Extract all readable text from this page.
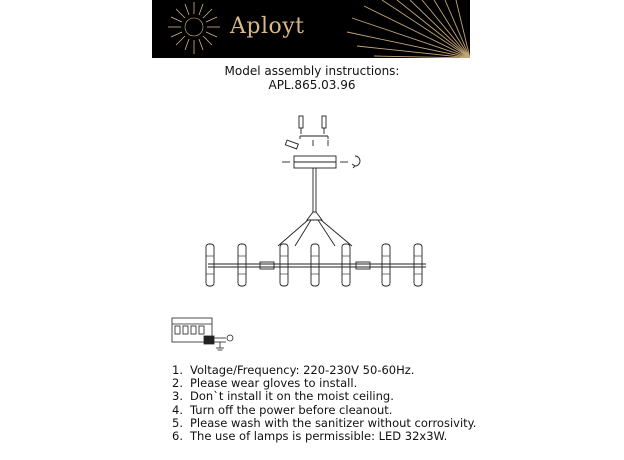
Aployt
Model assembly instructions:
APL.865.03.96
1. Voltage/Frequency: 220-230V 50-60Hz.
2. Please wear gloves to install.
3. Don`t install it on the moist ceiling.
4. Turn off the power before cleanout.
5. Please wash with the sanitizer without corrosivity.
6. The use of lamps is permissible: LED 32x3W.
